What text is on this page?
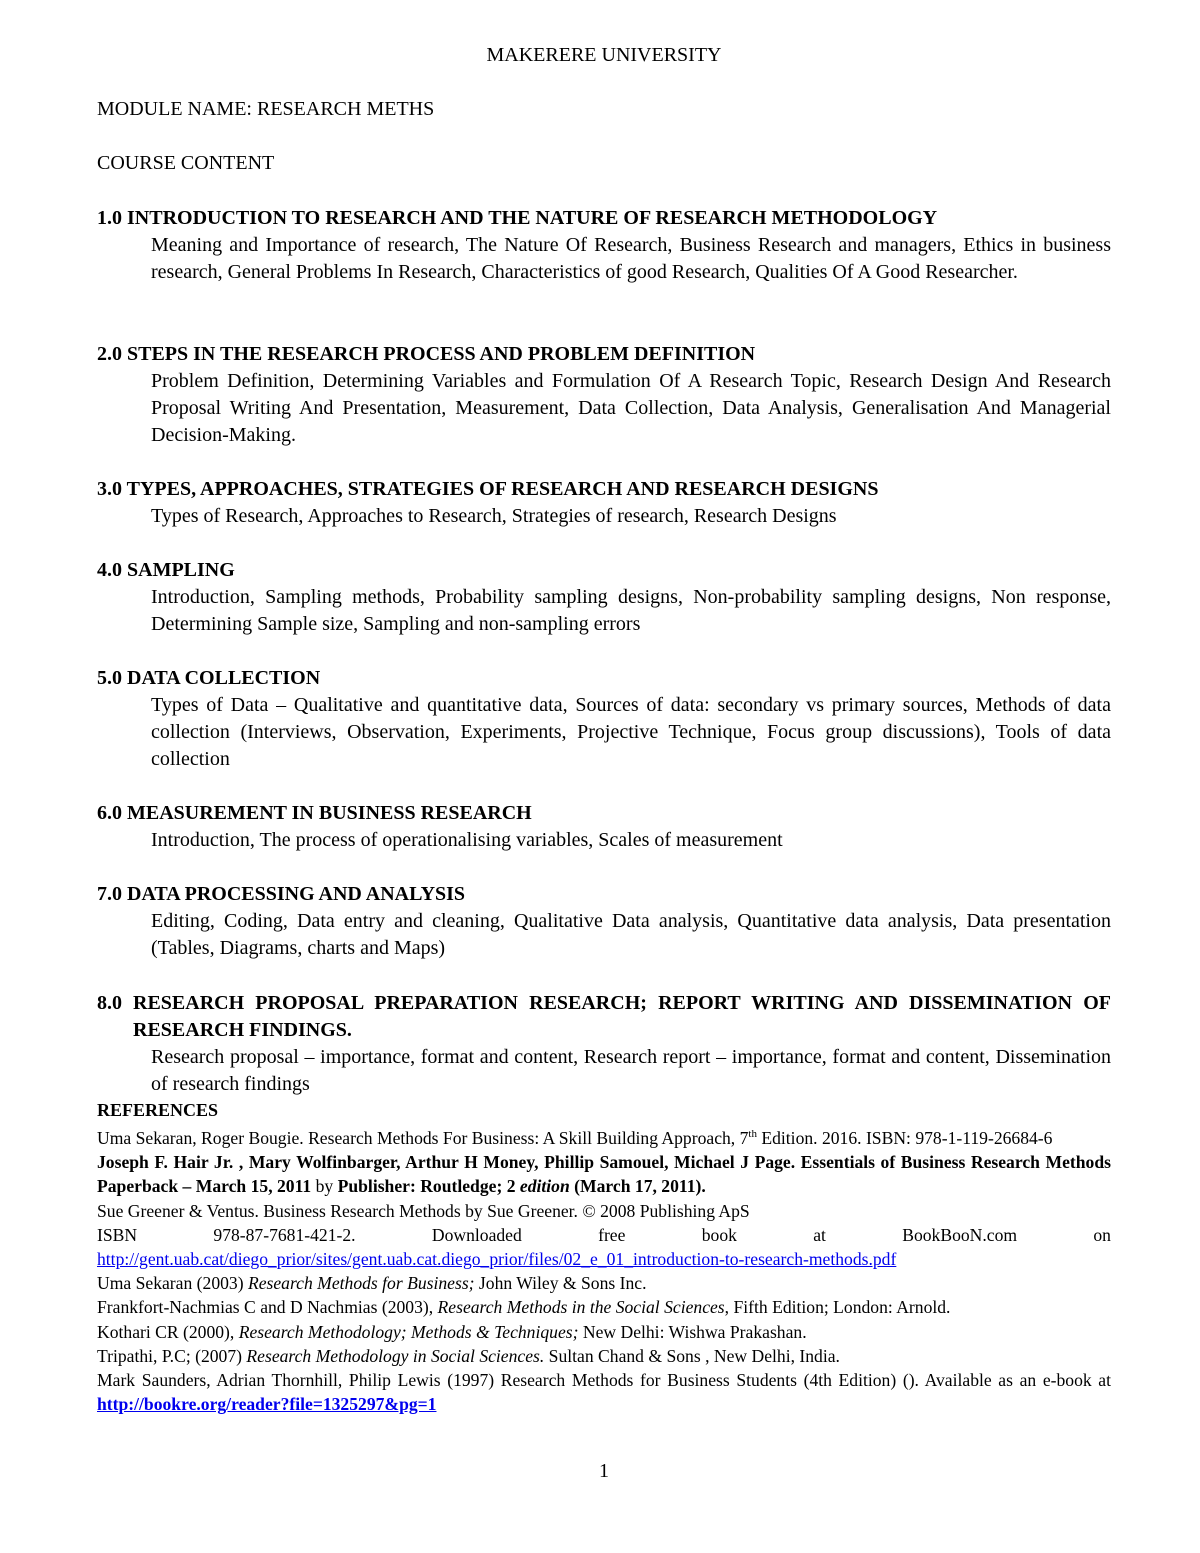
MAKERERE UNIVERSITY
MODULE NAME: RESEARCH METHS
COURSE CONTENT
1.0 INTRODUCTION TO RESEARCH AND THE NATURE OF RESEARCH METHODOLOGY
Meaning and Importance of research, The Nature Of Research, Business Research and managers, Ethics in business research, General Problems In Research, Characteristics of good Research, Qualities Of A Good Researcher.
2.0 STEPS IN THE RESEARCH PROCESS AND PROBLEM DEFINITION
Problem Definition, Determining Variables and Formulation Of A Research Topic, Research Design And Research Proposal Writing And Presentation, Measurement, Data Collection, Data Analysis, Generalisation And Managerial Decision-Making.
3.0 TYPES, APPROACHES, STRATEGIES OF RESEARCH AND RESEARCH DESIGNS
Types of Research, Approaches to Research, Strategies of research, Research Designs
4.0 SAMPLING
Introduction, Sampling methods, Probability sampling designs, Non-probability sampling designs, Non response, Determining Sample size, Sampling and non-sampling errors
5.0 DATA COLLECTION
Types of Data – Qualitative and quantitative data, Sources of data: secondary vs primary sources, Methods of data collection (Interviews, Observation, Experiments, Projective Technique, Focus group discussions), Tools of data collection
6.0 MEASUREMENT IN BUSINESS RESEARCH
Introduction, The process of operationalising variables, Scales of measurement
7.0 DATA PROCESSING AND ANALYSIS
Editing, Coding, Data entry and cleaning, Qualitative Data analysis, Quantitative data analysis, Data presentation (Tables, Diagrams, charts and Maps)
8.0 RESEARCH PROPOSAL PREPARATION RESEARCH; REPORT WRITING AND DISSEMINATION OF RESEARCH FINDINGS.
Research proposal – importance, format and content, Research report – importance, format and content, Dissemination of research findings

REFERENCES

Uma Sekaran, Roger Bougie. Research Methods For Business: A Skill Building Approach, 7th Edition. 2016. ISBN: 978-1-119-26684-6

Joseph F. Hair Jr. , Mary Wolfinbarger, Arthur H Money, Phillip Samouel, Michael J Page. Essentials of Business Research Methods Paperback – March 15, 2011 by Publisher: Routledge; 2 edition (March 17, 2011).

Sue Greener & Ventus. Business Research Methods by Sue Greener. © 2008 Publishing ApS

ISBN	978-87-7681-421-2.	Downloaded	free	book	at	BookBooN.com	on

http://gent.uab.cat/diego_prior/sites/gent.uab.cat.diego_prior/files/02_e_01_introduction-to-research-methods.pdf

Uma Sekaran (2003) Research Methods for Business; John Wiley & Sons Inc.

Frankfort-Nachmias C and D Nachmias (2003), Research Methods in the Social Sciences, Fifth Edition; London: Arnold.

Kothari CR (2000), Research Methodology; Methods & Techniques; New Delhi: Wishwa Prakashan.

Tripathi, P.C; (2007) Research Methodology in Social Sciences. Sultan Chand & Sons , New Delhi, India.

Mark Saunders, Adrian Thornhill, Philip Lewis (1997) Research Methods for Business Students (4th Edition) (). Available as an e-book at http://bookre.org/reader?file=1325297&pg=1

1
